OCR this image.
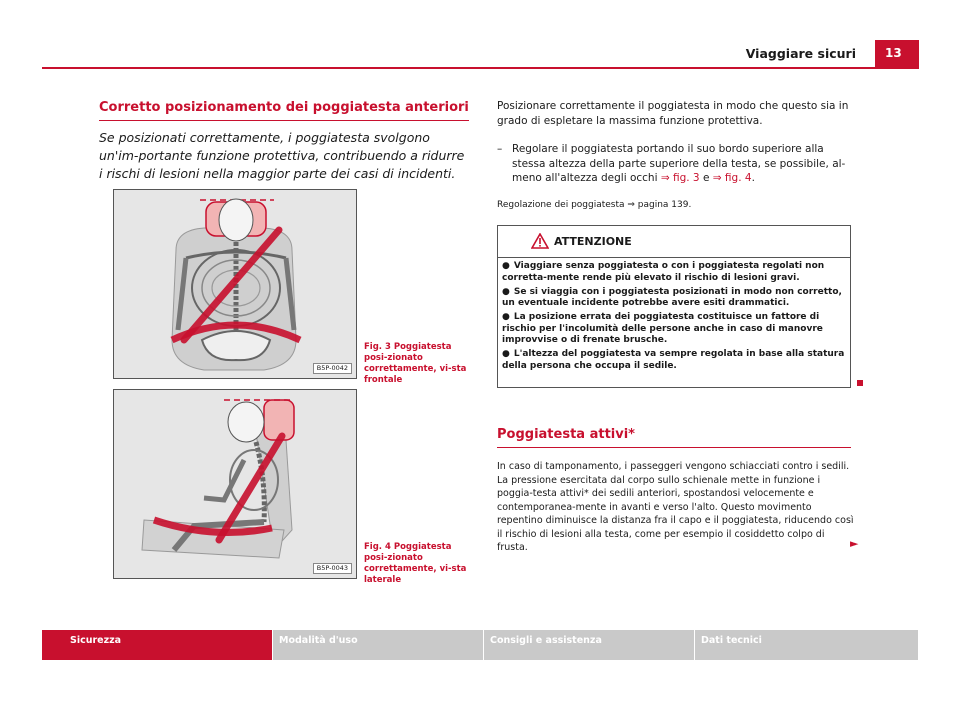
Viaggiare sicuri	13
Corretto posizionamento dei poggiatesta anteriori
Se posizionati correttamente, i poggiatesta svolgono un'im-portante funzione protettiva, contribuendo a ridurre i rischi di lesioni nella maggior parte dei casi di incidenti.
B5P-0042
Fig. 3 Poggiatesta posi-zionato correttamente, vi-sta frontale
B5P-0043
Fig. 4 Poggiatesta posi-zionato correttamente, vi-sta laterale
Posizionare correttamente il poggiatesta in modo che questo sia in grado di espletare la massima funzione protettiva.
– Regolare il poggiatesta portando il suo bordo superiore alla stessa altezza della parte superiore della testa, se possibile, al-meno all'altezza degli occhi ⇒ fig. 3 e ⇒ fig. 4.
Regolazione dei poggiatesta ⇒ pagina 139.
ATTENZIONE
● Viaggiare senza poggiatesta o con i poggiatesta regolati non corretta-mente rende più elevato il rischio di lesioni gravi.
● Se si viaggia con i poggiatesta posizionati in modo non corretto, un eventuale incidente potrebbe avere esiti drammatici.
● La posizione errata dei poggiatesta costituisce un fattore di rischio per l'incolumità delle persone anche in caso di manovre improvvise o di frenate brusche.
● L'altezza del poggiatesta va sempre regolata in base alla statura della persona che occupa il sedile.
Poggiatesta attivi*
In caso di tamponamento, i passeggeri vengono schiacciati contro i sedili. La pressione esercitata dal corpo sullo schienale mette in funzione i poggia-testa attivi* dei sedili anteriori, spostandosi velocemente e contemporanea-mente in avanti e verso l'alto. Questo movimento repentino diminuisce la distanza fra il capo e il poggiatesta, riducendo così il rischio di lesioni alla testa, come per esempio il cosiddetto colpo di frusta.	►
Sicurezza	Modalità d'uso	Consigli e assistenza	Dati tecnici
